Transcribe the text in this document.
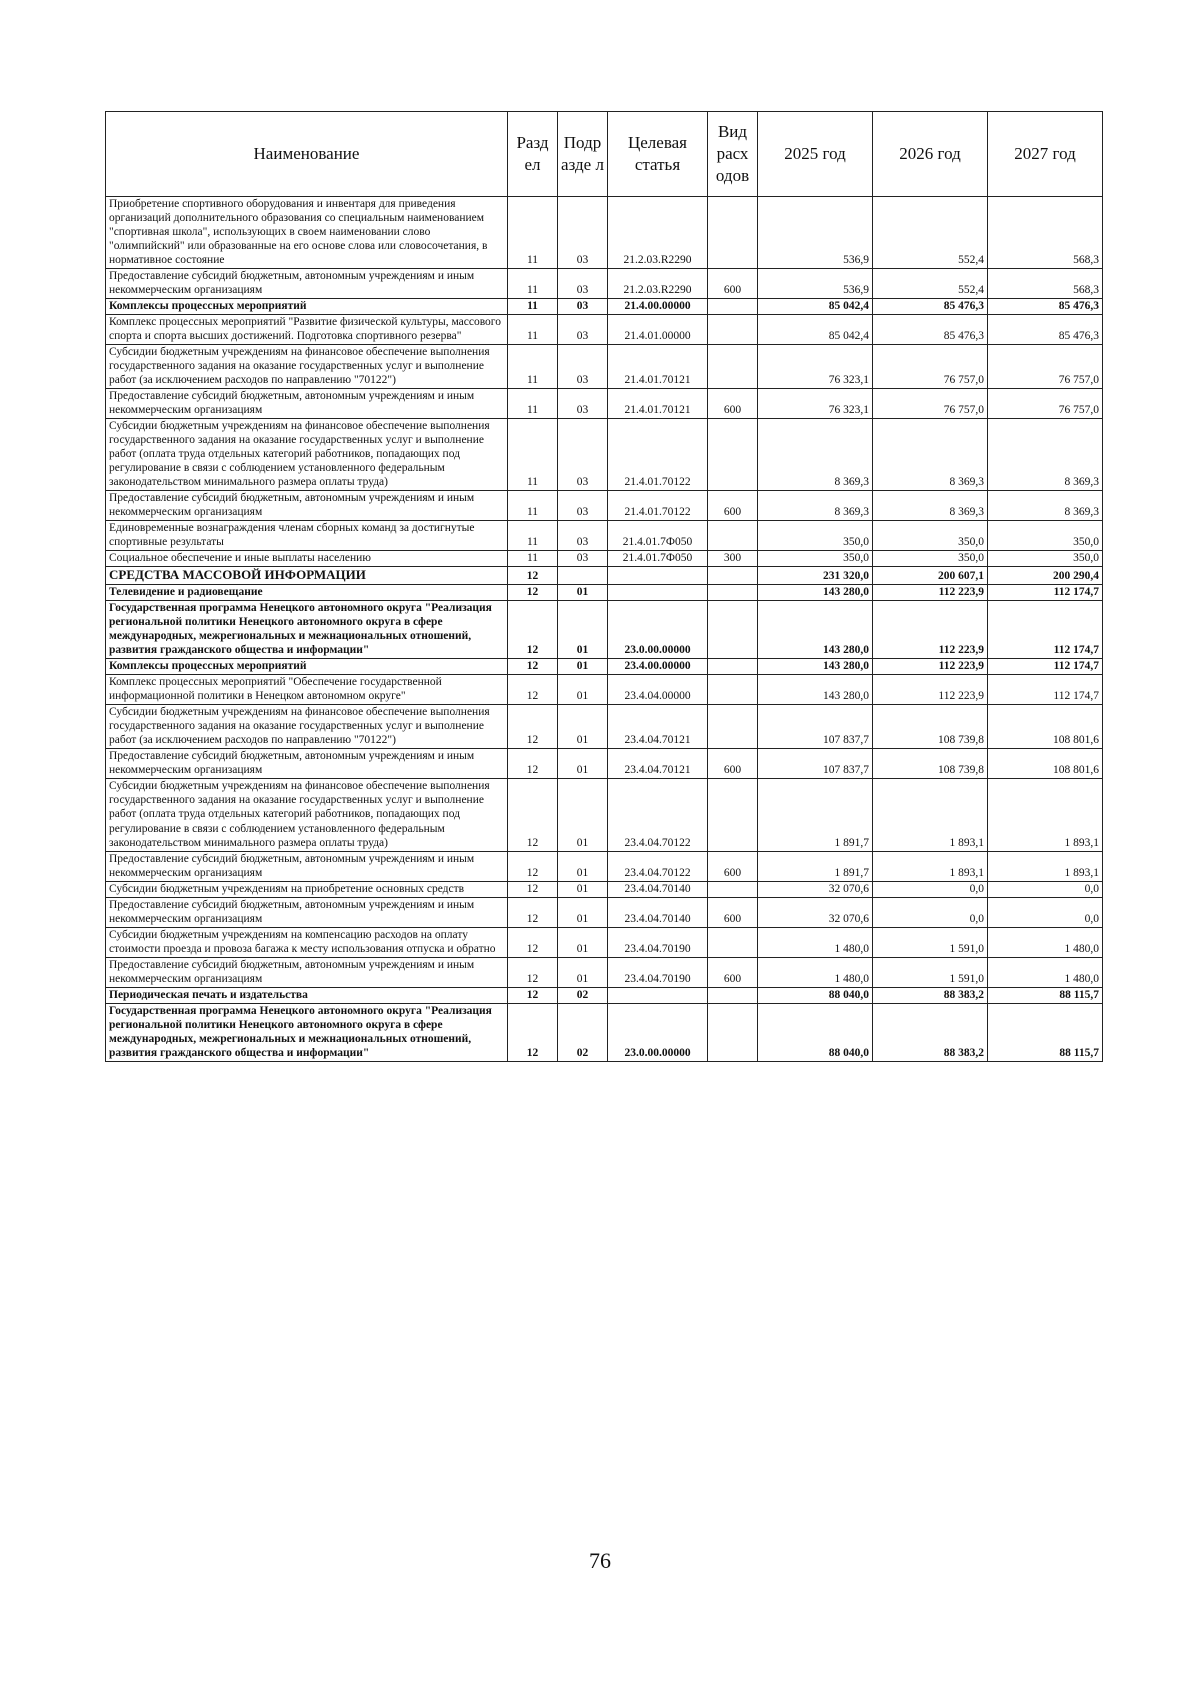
Наименование	Разд ел	Подр азде л	Целевая статья	Вид расх одов	2025 год	2026 год	2027 год
Приобретение спортивного оборудования и инвентаря для приведения организаций дополнительного образования со специальным наименованием "спортивная школа", использующих в своем наименовании слово "олимпийский" или образованные на его основе слова или словосочетания, в нормативное состояние	11	03	21.2.03.R2290		536,9	552,4	568,3
Предоставление субсидий бюджетным, автономным учреждениям и иным некоммерческим организациям	11	03	21.2.03.R2290	600	536,9	552,4	568,3
Комплексы процессных мероприятий	11	03	21.4.00.00000		85 042,4	85 476,3	85 476,3
Комплекс процессных мероприятий "Развитие физической культуры, массового спорта и спорта высших достижений. Подготовка спортивного резерва"	11	03	21.4.01.00000		85 042,4	85 476,3	85 476,3
Субсидии бюджетным учреждениям на финансовое обеспечение выполнения государственного задания на оказание государственных услуг и выполнение работ (за исключением расходов по направлению "70122")	11	03	21.4.01.70121		76 323,1	76 757,0	76 757,0
Предоставление субсидий бюджетным, автономным учреждениям и иным некоммерческим организациям	11	03	21.4.01.70121	600	76 323,1	76 757,0	76 757,0
Субсидии бюджетным учреждениям на финансовое обеспечение выполнения государственного задания на оказание государственных услуг и выполнение работ (оплата труда отдельных категорий работников, попадающих под регулирование в связи с соблюдением установленного федеральным законодательством минимального размера оплаты труда)	11	03	21.4.01.70122		8 369,3	8 369,3	8 369,3
Предоставление субсидий бюджетным, автономным учреждениям и иным некоммерческим организациям	11	03	21.4.01.70122	600	8 369,3	8 369,3	8 369,3
Единовременные вознаграждения членам сборных команд за достигнутые спортивные результаты	11	03	21.4.01.7Ф050		350,0	350,0	350,0
Социальное обеспечение и иные выплаты населению	11	03	21.4.01.7Ф050	300	350,0	350,0	350,0
СРЕДСТВА МАССОВОЙ ИНФОРМАЦИИ	12				231 320,0	200 607,1	200 290,4
Телевидение и радиовещание	12	01			143 280,0	112 223,9	112 174,7
Государственная программа Ненецкого автономного округа "Реализация региональной политики Ненецкого автономного округа в сфере международных, межрегиональных и межнациональных отношений, развития гражданского общества и информации"	12	01	23.0.00.00000		143 280,0	112 223,9	112 174,7
Комплексы процессных мероприятий	12	01	23.4.00.00000		143 280,0	112 223,9	112 174,7
Комплекс процессных мероприятий "Обеспечение государственной информационной политики в Ненецком автономном округе"	12	01	23.4.04.00000		143 280,0	112 223,9	112 174,7
Субсидии бюджетным учреждениям на финансовое обеспечение выполнения государственного задания на оказание государственных услуг и выполнение работ (за исключением расходов по направлению "70122")	12	01	23.4.04.70121		107 837,7	108 739,8	108 801,6
Предоставление субсидий бюджетным, автономным учреждениям и иным некоммерческим организациям	12	01	23.4.04.70121	600	107 837,7	108 739,8	108 801,6
Субсидии бюджетным учреждениям на финансовое обеспечение выполнения государственного задания на оказание государственных услуг и выполнение работ (оплата труда отдельных категорий работников, попадающих под регулирование в связи с соблюдением установленного федеральным законодательством минимального размера оплаты труда)	12	01	23.4.04.70122		1 891,7	1 893,1	1 893,1
Предоставление субсидий бюджетным, автономным учреждениям и иным некоммерческим организациям	12	01	23.4.04.70122	600	1 891,7	1 893,1	1 893,1
Субсидии бюджетным учреждениям на приобретение основных средств	12	01	23.4.04.70140		32 070,6	0,0	0,0
Предоставление субсидий бюджетным, автономным учреждениям и иным некоммерческим организациям	12	01	23.4.04.70140	600	32 070,6	0,0	0,0
Субсидии бюджетным учреждениям на компенсацию расходов на оплату стоимости проезда и провоза багажа к месту использования отпуска и обратно	12	01	23.4.04.70190		1 480,0	1 591,0	1 480,0
Предоставление субсидий бюджетным, автономным учреждениям и иным некоммерческим организациям	12	01	23.4.04.70190	600	1 480,0	1 591,0	1 480,0
Периодическая печать и издательства	12	02			88 040,0	88 383,2	88 115,7
Государственная программа Ненецкого автономного округа "Реализация региональной политики Ненецкого автономного округа в сфере международных, межрегиональных и межнациональных отношений, развития гражданского общества и информации"	12	02	23.0.00.00000		88 040,0	88 383,2	88 115,7
76
